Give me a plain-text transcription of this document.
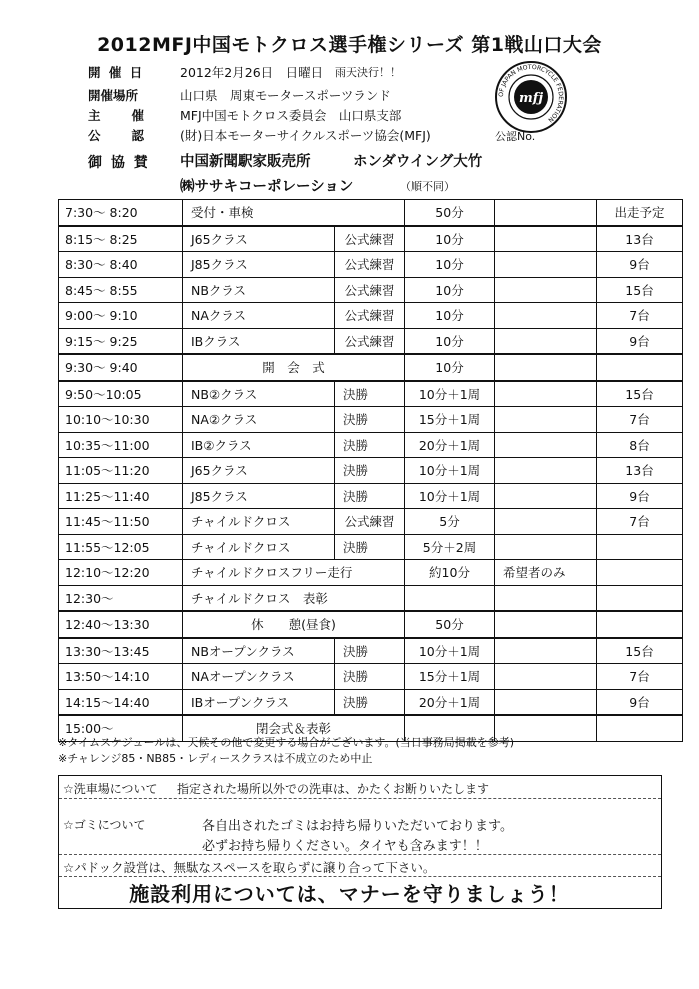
2012MFJ中国モトクロス選手権シリーズ 第1戦山口大会
開 催 日	2012年2月26日　日曜日 雨天決行！！
開催場所	山口県　周東モータースポーツランド
主　　催	MFJ中国モトクロス委員会　山口県支部
公　　認	(財)日本モーターサイクルスポーツ協会(MFJ)	公認No.
御 協 賛 中国新聞駅家販売所	ホンダウイング大竹
㈱ササキコーポレーション	（順不同）
OF JAPAN MOTORCYCLE FEDERATION
mfj
7:30～ 8:20	受付・車検		50分		出走予定
8:15～ 8:25	J65クラス	公式練習	10分		13台
8:30～ 8:40	J85クラス	公式練習	10分		9台
8:45～ 8:55	NBクラス	公式練習	10分		15台
9:00～ 9:10	NAクラス	公式練習	10分		7台
9:15～ 9:25	IBクラス	公式練習	10分		9台
9:30～ 9:40	開　会　式		10分		
9:50～10:05	NB②クラス	決勝	10分＋1周		15台
10:10～10:30	NA②クラス	決勝	15分＋1周		7台
10:35～11:00	IB②クラス	決勝	20分＋1周		8台
11:05～11:20	J65クラス	決勝	10分＋1周		13台
11:25～11:40	J85クラス	決勝	10分＋1周		9台
11:45～11:50	チャイルドクロス	公式練習	5分		7台
11:55～12:05	チャイルドクロス	決勝	5分＋2周		
12:10～12:20	チャイルドクロスフリー走行		約10分	希望者のみ	
12:30～	チャイルドクロス　表彰				
12:40～13:30	休　　憩(昼食)		50分		
13:30～13:45	NBオープンクラス	決勝	10分＋1周		15台
13:50～14:10	NAオープンクラス	決勝	15分＋1周		7台
14:15～14:40	IBオープンクラス	決勝	20分＋1周		9台
15:00～	閉会式＆表彰				
※タイムスケジュールは、天候その他で変更する場合がございます。(当日事務局掲載を参考)
※チャレンジ85・NB85・レディースクラスは不成立のため中止
☆洗車場について 指定された場所以外での洗車は、かたくお断りいたします
☆ゴミについて	各自出されたゴミはお持ち帰りいただいております。
必ずお持ち帰りください。タイヤも含みます！！
☆パドック設営は、無駄なスペースを取らずに譲り合って下さい。
施設利用については、マナーを守りましょう！
